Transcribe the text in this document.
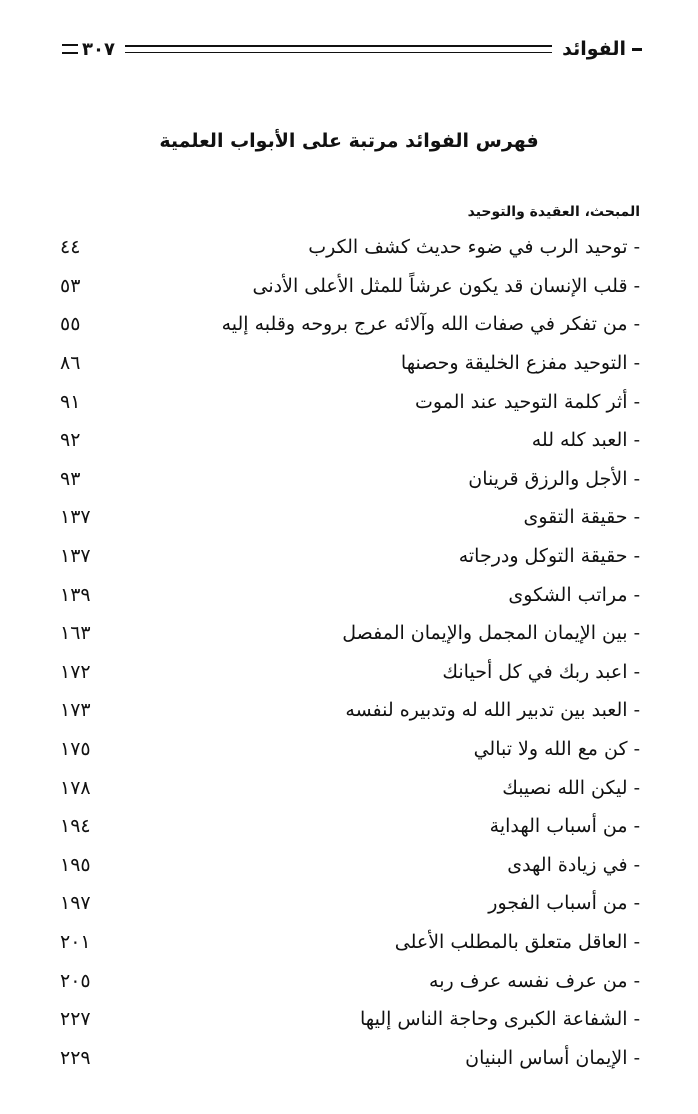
الفوائد
٣٠٧
فهرس الفوائد مرتبة على الأبواب العلمية
المبحث، العقيدة والتوحيد
- توحيد الرب في ضوء حديث كشف الكرب
٤٤
- قلب الإنسان قد يكون عرشاً للمثل الأعلى الأدنى
٥٣
- من تفكر في صفات الله وآلائه عرج بروحه وقلبه إليه
٥٥
- التوحيد مفزع الخليقة وحصنها
٨٦
- أثر كلمة التوحيد عند الموت
٩١
- العبد كله لله
٩٢
- الأجل والرزق قرينان
٩٣
- حقيقة التقوى
١٣٧
- حقيقة التوكل ودرجاته
١٣٧
- مراتب الشكوى
١٣٩
- بين الإيمان المجمل والإيمان المفصل
١٦٣
- اعبد ربك في كل أحيانك
١٧٢
- العبد بين تدبير الله له وتدبيره لنفسه
١٧٣
- كن مع الله ولا تبالي
١٧٥
- ليكن الله نصيبك
١٧٨
- من أسباب الهداية
١٩٤
- في زيادة الهدى
١٩٥
- من أسباب الفجور
١٩٧
- العاقل متعلق بالمطلب الأعلى
٢٠١
- من عرف نفسه عرف ربه
٢٠٥
- الشفاعة الكبرى وحاجة الناس إليها
٢٢٧
- الإيمان أساس البنيان
٢٢٩
